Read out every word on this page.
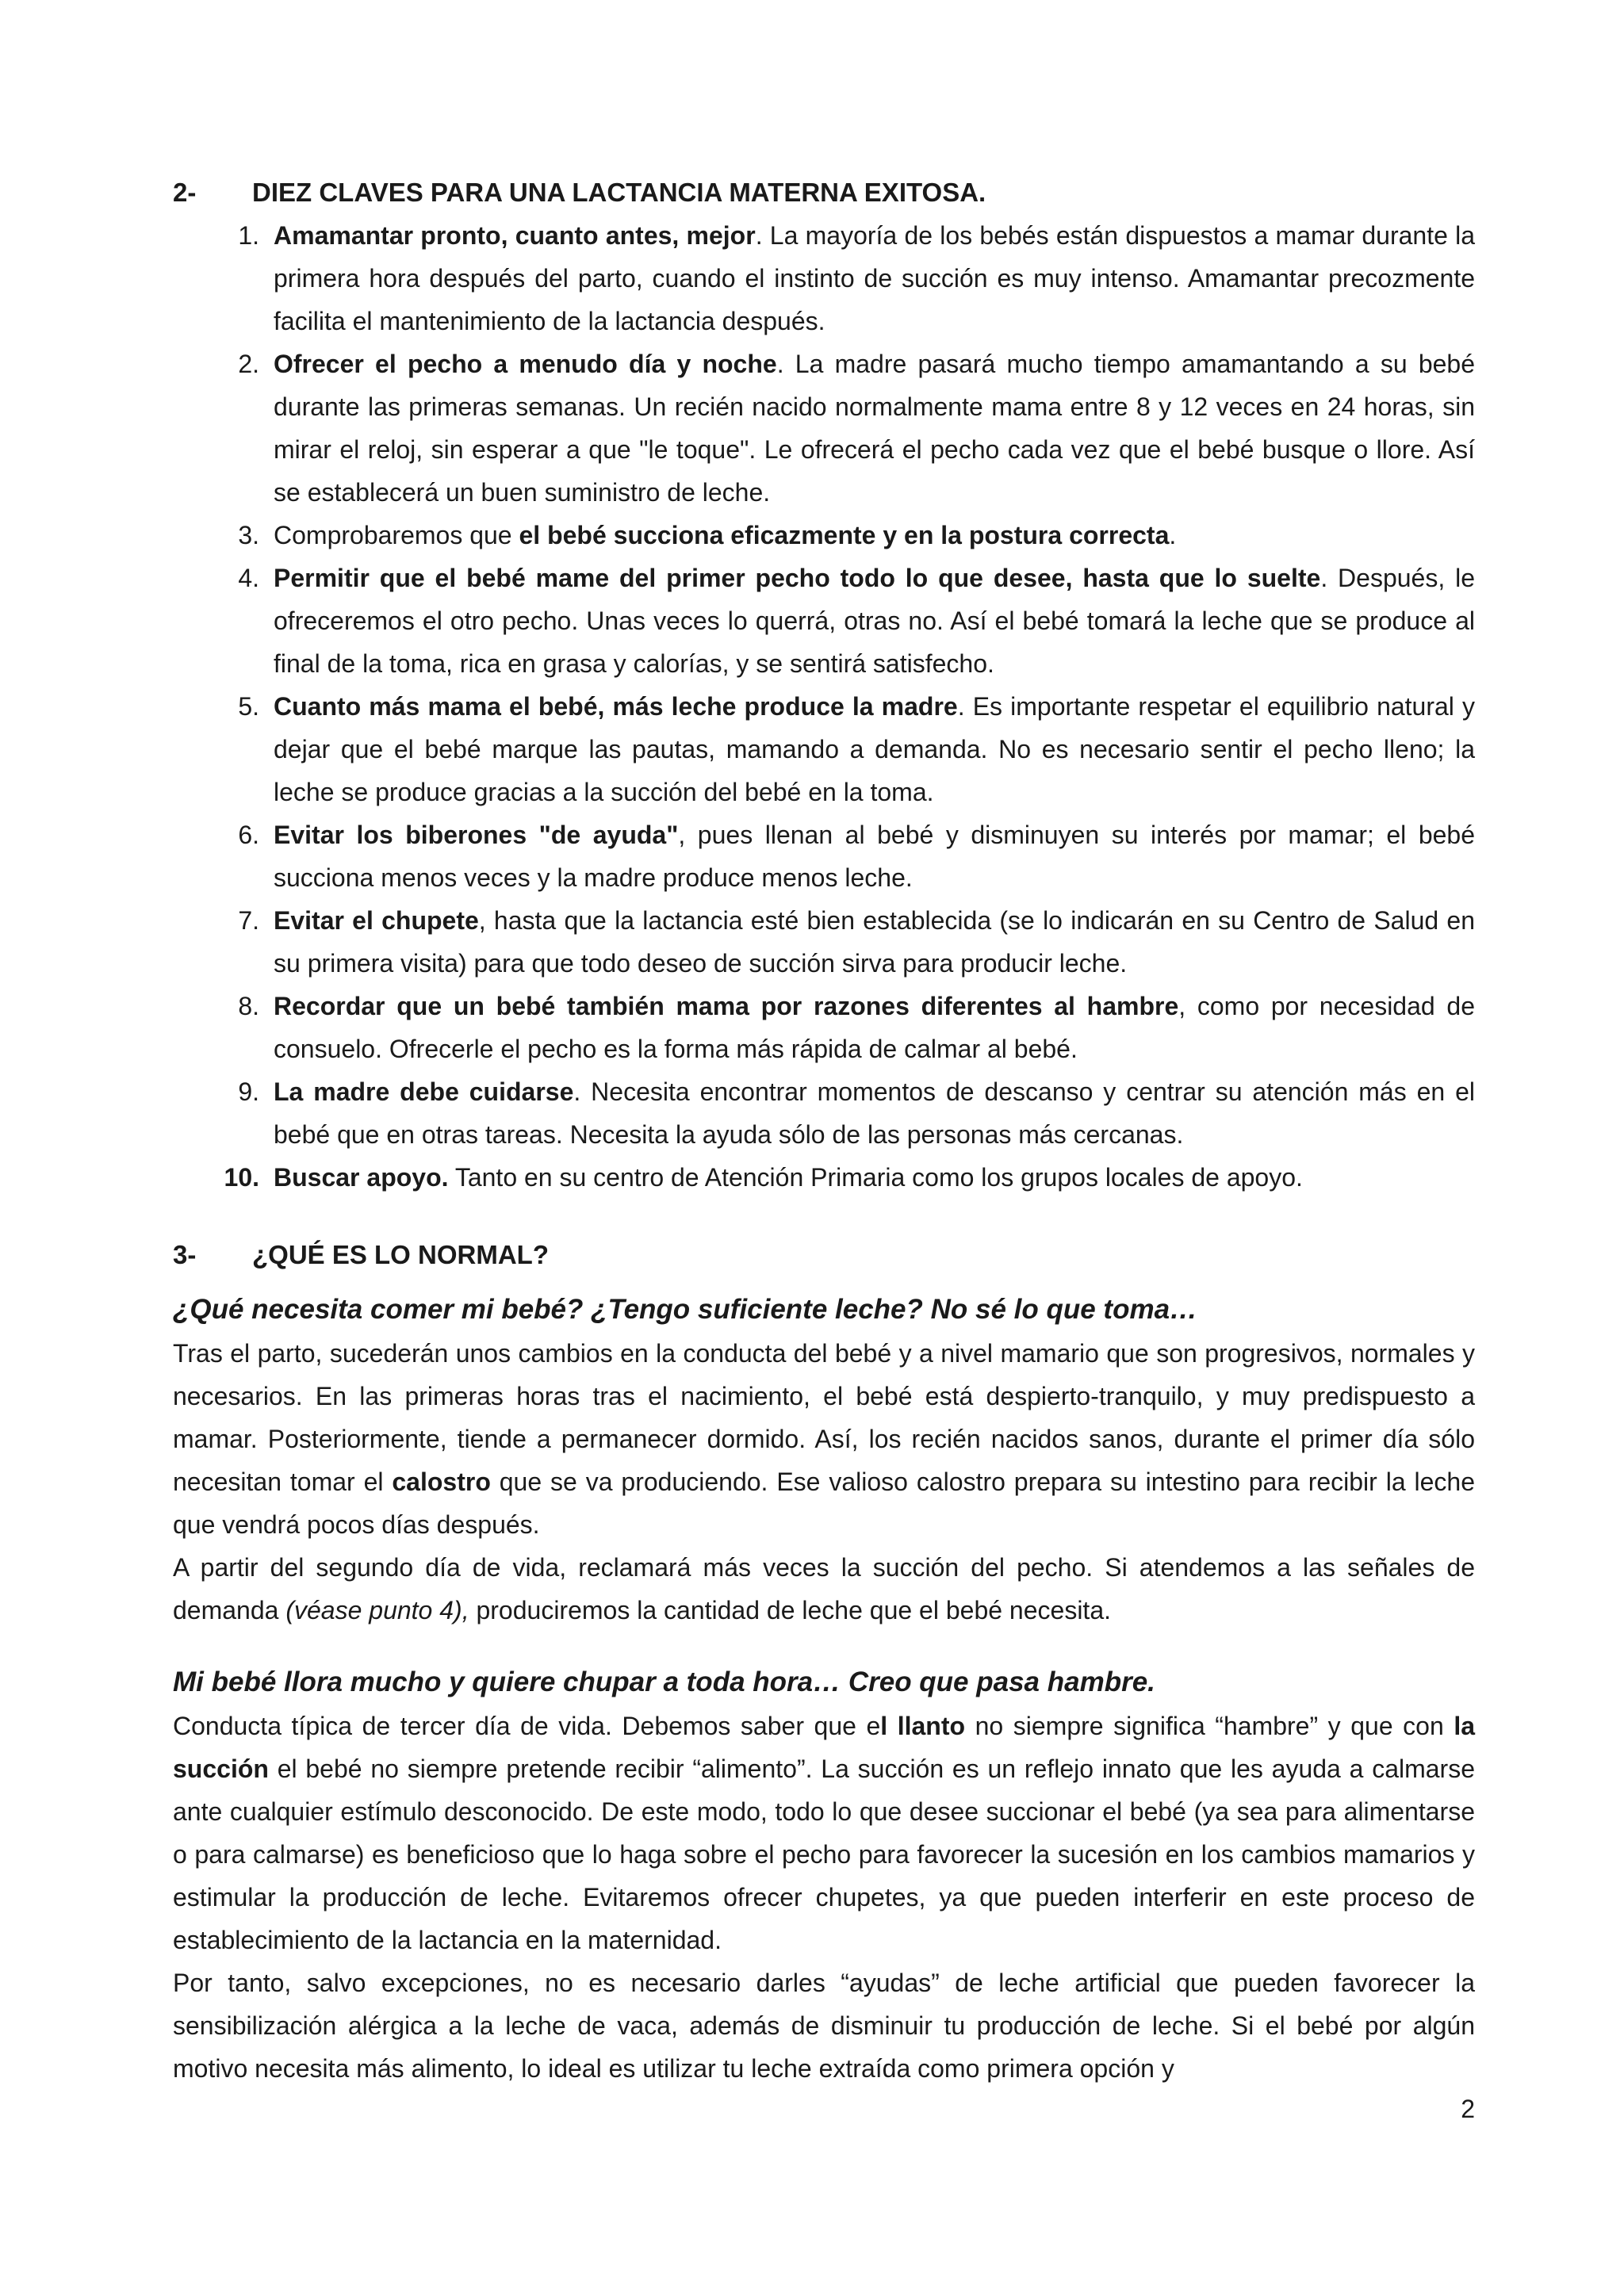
2-	DIEZ CLAVES PARA UNA LACTANCIA MATERNA EXITOSA.
1. Amamantar pronto, cuanto antes, mejor. La mayoría de los bebés están dispuestos a mamar durante la primera hora después del parto, cuando el instinto de succión es muy intenso. Amamantar precozmente facilita el mantenimiento de la lactancia después.
2. Ofrecer el pecho a menudo día y noche. La madre pasará mucho tiempo amamantando a su bebé durante las primeras semanas. Un recién nacido normalmente mama entre 8 y 12 veces en 24 horas, sin mirar el reloj, sin esperar a que "le toque". Le ofrecerá el pecho cada vez que el bebé busque o llore. Así se establecerá un buen suministro de leche.
3. Comprobaremos que el bebé succiona eficazmente y en la postura correcta.
4. Permitir que el bebé mame del primer pecho todo lo que desee, hasta que lo suelte. Después, le ofreceremos el otro pecho. Unas veces lo querrá, otras no. Así el bebé tomará la leche que se produce al final de la toma, rica en grasa y calorías, y se sentirá satisfecho.
5. Cuanto más mama el bebé, más leche produce la madre. Es importante respetar el equilibrio natural y dejar que el bebé marque las pautas, mamando a demanda. No es necesario sentir el pecho lleno; la leche se produce gracias a la succión del bebé en la toma.
6. Evitar los biberones "de ayuda", pues llenan al bebé y disminuyen su interés por mamar; el bebé succiona menos veces y la madre produce menos leche.
7. Evitar el chupete, hasta que la lactancia esté bien establecida (se lo indicarán en su Centro de Salud en su primera visita) para que todo deseo de succión sirva para producir leche.
8. Recordar que un bebé también mama por razones diferentes al hambre, como por necesidad de consuelo. Ofrecerle el pecho es la forma más rápida de calmar al bebé.
9. La madre debe cuidarse. Necesita encontrar momentos de descanso y centrar su atención más en el bebé que en otras tareas. Necesita la ayuda sólo de las personas más cercanas.
10. Buscar apoyo. Tanto en su centro de Atención Primaria como los grupos locales de apoyo.
3-	¿QUÉ ES LO NORMAL?
¿Qué necesita comer mi bebé? ¿Tengo suficiente leche? No sé lo que toma…

Tras el parto, sucederán unos cambios en la conducta del bebé y a nivel mamario que son progresivos, normales y necesarios. En las primeras horas tras el nacimiento, el bebé está despierto-tranquilo, y muy predispuesto a mamar. Posteriormente, tiende a permanecer dormido. Así, los recién nacidos sanos, durante el primer día sólo necesitan tomar el calostro que se va produciendo. Ese valioso calostro prepara su intestino para recibir la leche que vendrá pocos días después.

A partir del segundo día de vida, reclamará más veces la succión del pecho. Si atendemos a las señales de demanda (véase punto 4), produciremos la cantidad de leche que el bebé necesita.

Mi bebé llora mucho y quiere chupar a toda hora… Creo que pasa hambre.

Conducta típica de tercer día de vida. Debemos saber que el llanto no siempre significa “hambre” y que con la succión el bebé no siempre pretende recibir “alimento”. La succión es un reflejo innato que les ayuda a calmarse ante cualquier estímulo desconocido. De este modo, todo lo que desee succionar el bebé (ya sea para alimentarse o para calmarse) es beneficioso que lo haga sobre el pecho para favorecer la sucesión en los cambios mamarios y estimular la producción de leche. Evitaremos ofrecer chupetes, ya que pueden interferir en este proceso de establecimiento de la lactancia en la maternidad.

Por tanto, salvo excepciones, no es necesario darles “ayudas” de leche artificial que pueden favorecer la sensibilización alérgica a la leche de vaca, además de disminuir tu producción de leche. Si el bebé por algún motivo necesita más alimento, lo ideal es utilizar tu leche extraída como primera opción y

2
